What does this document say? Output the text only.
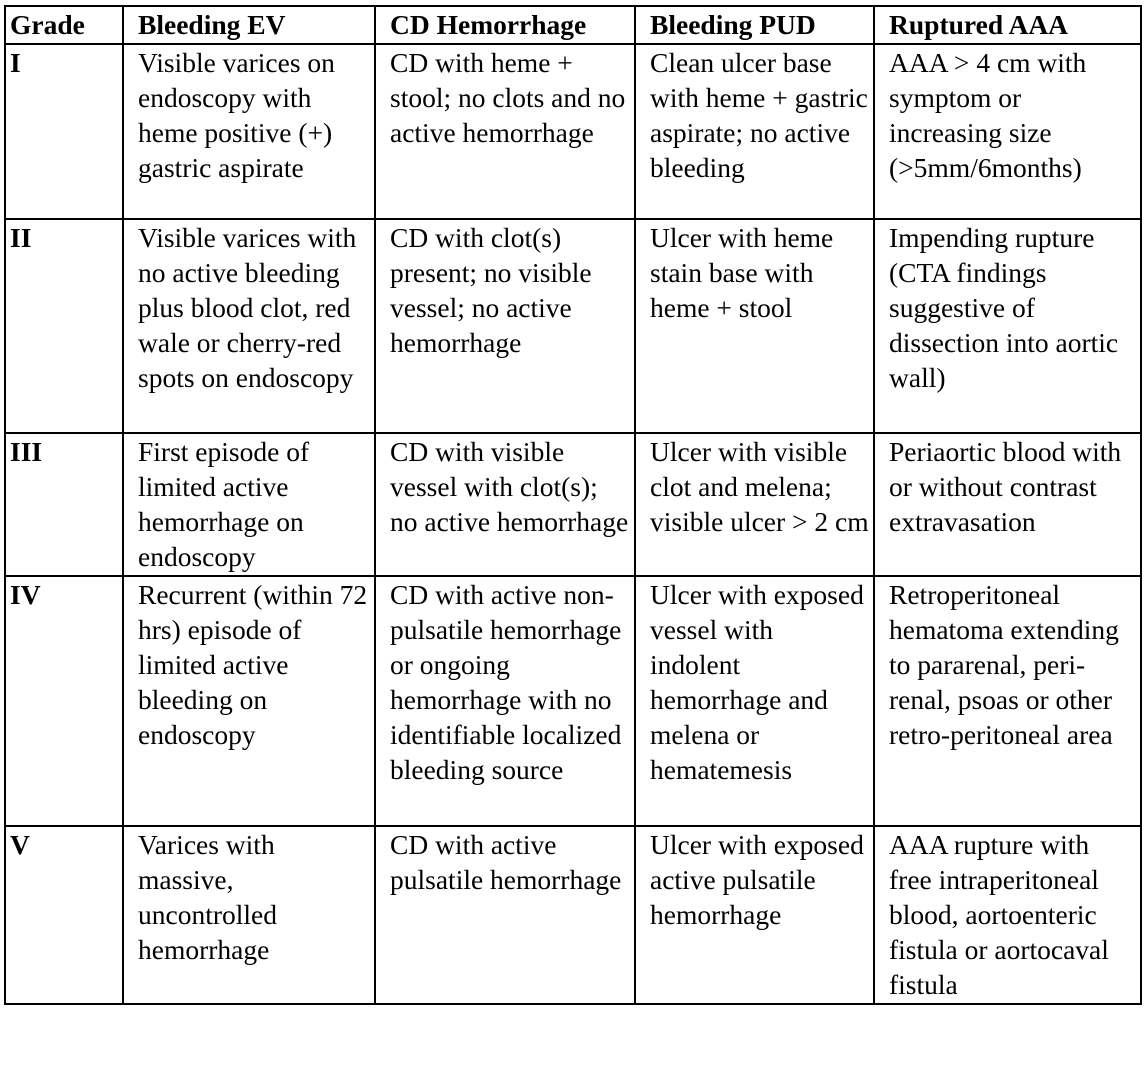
Grade	Bleeding EV	CD Hemorrhage	Bleeding PUD	Ruptured AAA
I	Visible varices on endoscopy with heme positive (+) gastric aspirate	CD with heme + stool; no clots and no active hemorrhage	Clean ulcer base with heme + gastric aspirate; no active bleeding	AAA > 4 cm with symptom or increasing size (>5mm/6months)
II	Visible varices with no active bleeding plus blood clot, red wale or cherry-red spots on endoscopy	CD with clot(s) present; no visible vessel; no active hemorrhage	Ulcer with heme stain base with heme + stool	Impending rupture (CTA findings suggestive of dissection into aortic wall)
III	First episode of limited active hemorrhage on endoscopy	CD with visible vessel with clot(s); no active hemorrhage	Ulcer with visible clot and melena; visible ulcer > 2 cm	Periaortic blood with or without contrast extravasation
IV	Recurrent (within 72 hrs) episode of limited active bleeding on endoscopy	CD with active non-pulsatile hemorrhage or ongoing hemorrhage with no identifiable localized bleeding source	Ulcer with exposed vessel with indolent hemorrhage and melena or hematemesis	Retroperitoneal hematoma extending to pararenal, peri-renal, psoas or other retro-peritoneal area
V	Varices with massive, uncontrolled hemorrhage	CD with active pulsatile hemorrhage	Ulcer with exposed active pulsatile hemorrhage	AAA rupture with free intraperitoneal blood, aortoenteric fistula or aortocaval fistula
